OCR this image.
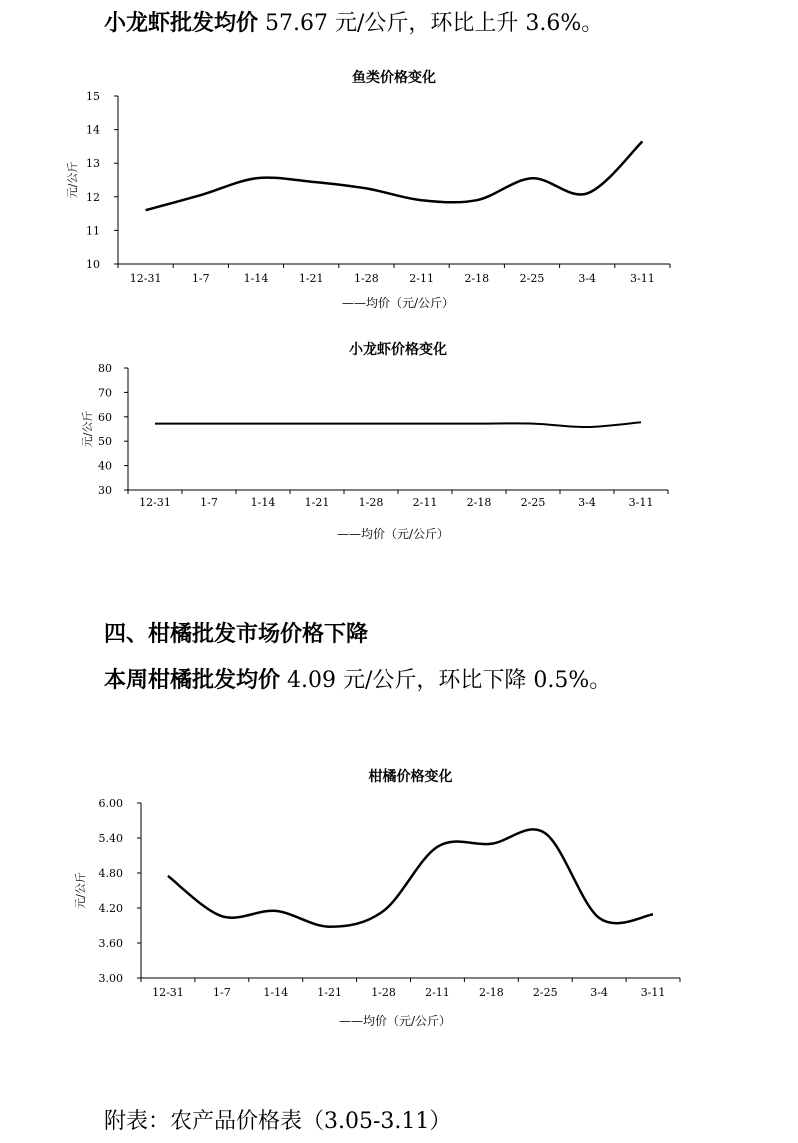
小龙虾批发均价 57.67 元/公斤，环比上升 3.6%。
鱼类价格变化
10
11
12
13
14
15
12-31	1-7	1-14	1-21	1-28	2-11	2-18	2-25	3-4	3-11
元/公斤
——均价（元/公斤）
小龙虾价格变化
30
40
50
60
70
80
12-31	1-7	1-14	1-21	1-28	2-11	2-18	2-25	3-4	3-11
元/公斤
——均价（元/公斤）
柑橘价格变化
3.00
3.60
4.20
4.80
5.40
6.00
12-31	1-7	1-14	1-21	1-28	2-11	2-18	2-25	3-4	3-11
元/公斤
——均价（元/公斤）
四、柑橘批发市场价格下降
本周柑橘批发均价 4.09 元/公斤，环比下降 0.5%。
附表：农产品价格表（3.05-3.11）
